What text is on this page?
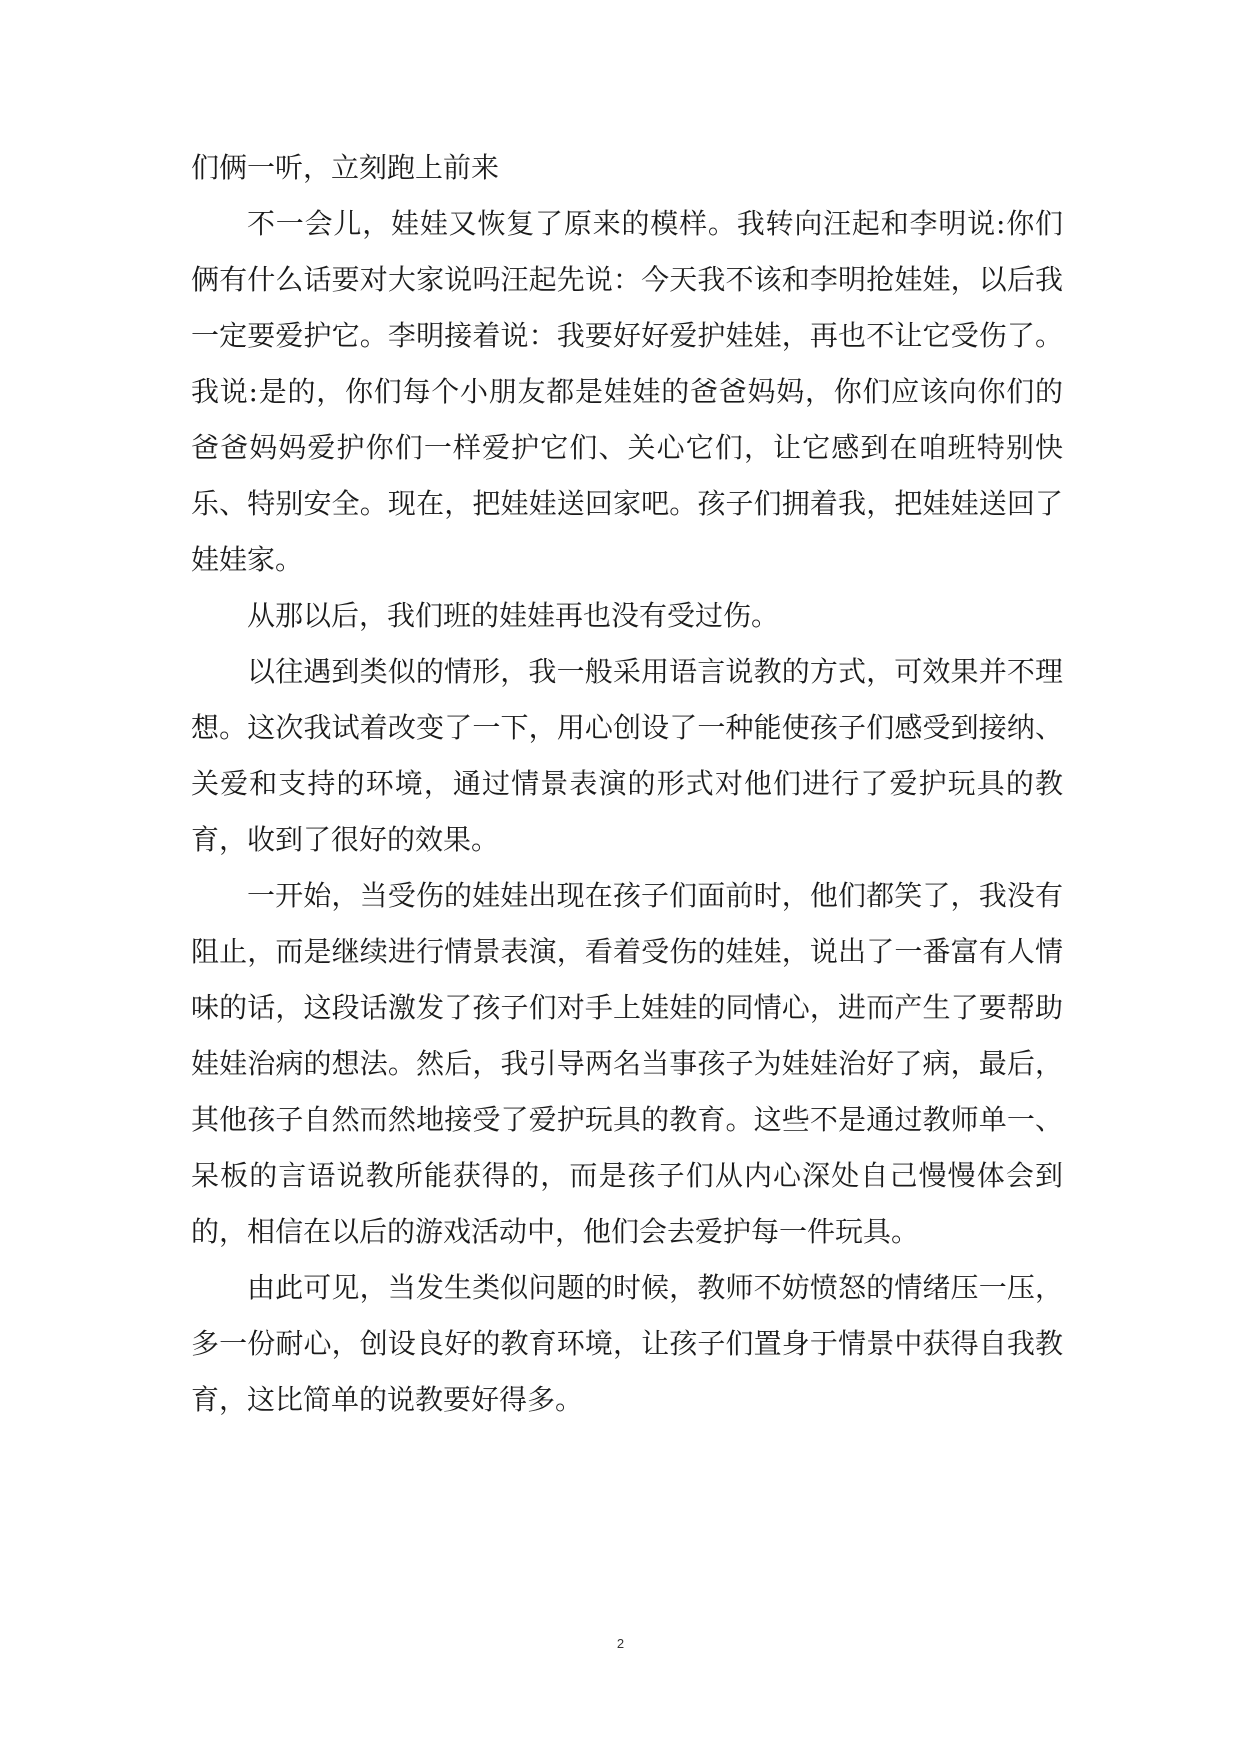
们俩一听，立刻跑上前来

不一会儿，娃娃又恢复了原来的模样。我转向汪起和李明说:你们俩有什么话要对大家说吗汪起先说：今天我不该和李明抢娃娃，以后我一定要爱护它。李明接着说：我要好好爱护娃娃，再也不让它受伤了。我说:是的，你们每个小朋友都是娃娃的爸爸妈妈，你们应该向你们的爸爸妈妈爱护你们一样爱护它们、关心它们，让它感到在咱班特别快乐、特别安全。现在，把娃娃送回家吧。孩子们拥着我，把娃娃送回了娃娃家。

从那以后，我们班的娃娃再也没有受过伤。

以往遇到类似的情形，我一般采用语言说教的方式，可效果并不理想。这次我试着改变了一下，用心创设了一种能使孩子们感受到接纳、关爱和支持的环境，通过情景表演的形式对他们进行了爱护玩具的教育，收到了很好的效果。

一开始，当受伤的娃娃出现在孩子们面前时，他们都笑了，我没有阻止，而是继续进行情景表演，看着受伤的娃娃，说出了一番富有人情味的话，这段话激发了孩子们对手上娃娃的同情心，进而产生了要帮助娃娃治病的想法。然后，我引导两名当事孩子为娃娃治好了病，最后，其他孩子自然而然地接受了爱护玩具的教育。这些不是通过教师单一、呆板的言语说教所能获得的，而是孩子们从内心深处自己慢慢体会到的，相信在以后的游戏活动中，他们会去爱护每一件玩具。

由此可见，当发生类似问题的时候，教师不妨愤怒的情绪压一压，多一份耐心，创设良好的教育环境，让孩子们置身于情景中获得自我教育，这比简单的说教要好得多。

2
